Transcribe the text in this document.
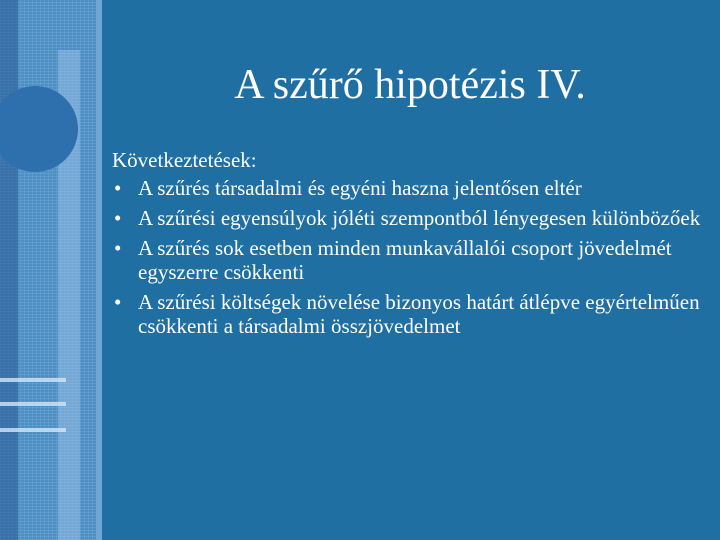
A szűrő hipotézis IV.

Következtetések:

• A szűrés társadalmi és egyéni haszna jelentősen eltér
• A szűrési egyensúlyok jóléti szempontból lényegesen különbözőek
• A szűrés sok esetben minden munkavállalói csoport jövedelmét egyszerre csökkenti
• A szűrési költségek növelése bizonyos határt átlépve egyértelműen csökkenti a társadalmi összjövedelmet
